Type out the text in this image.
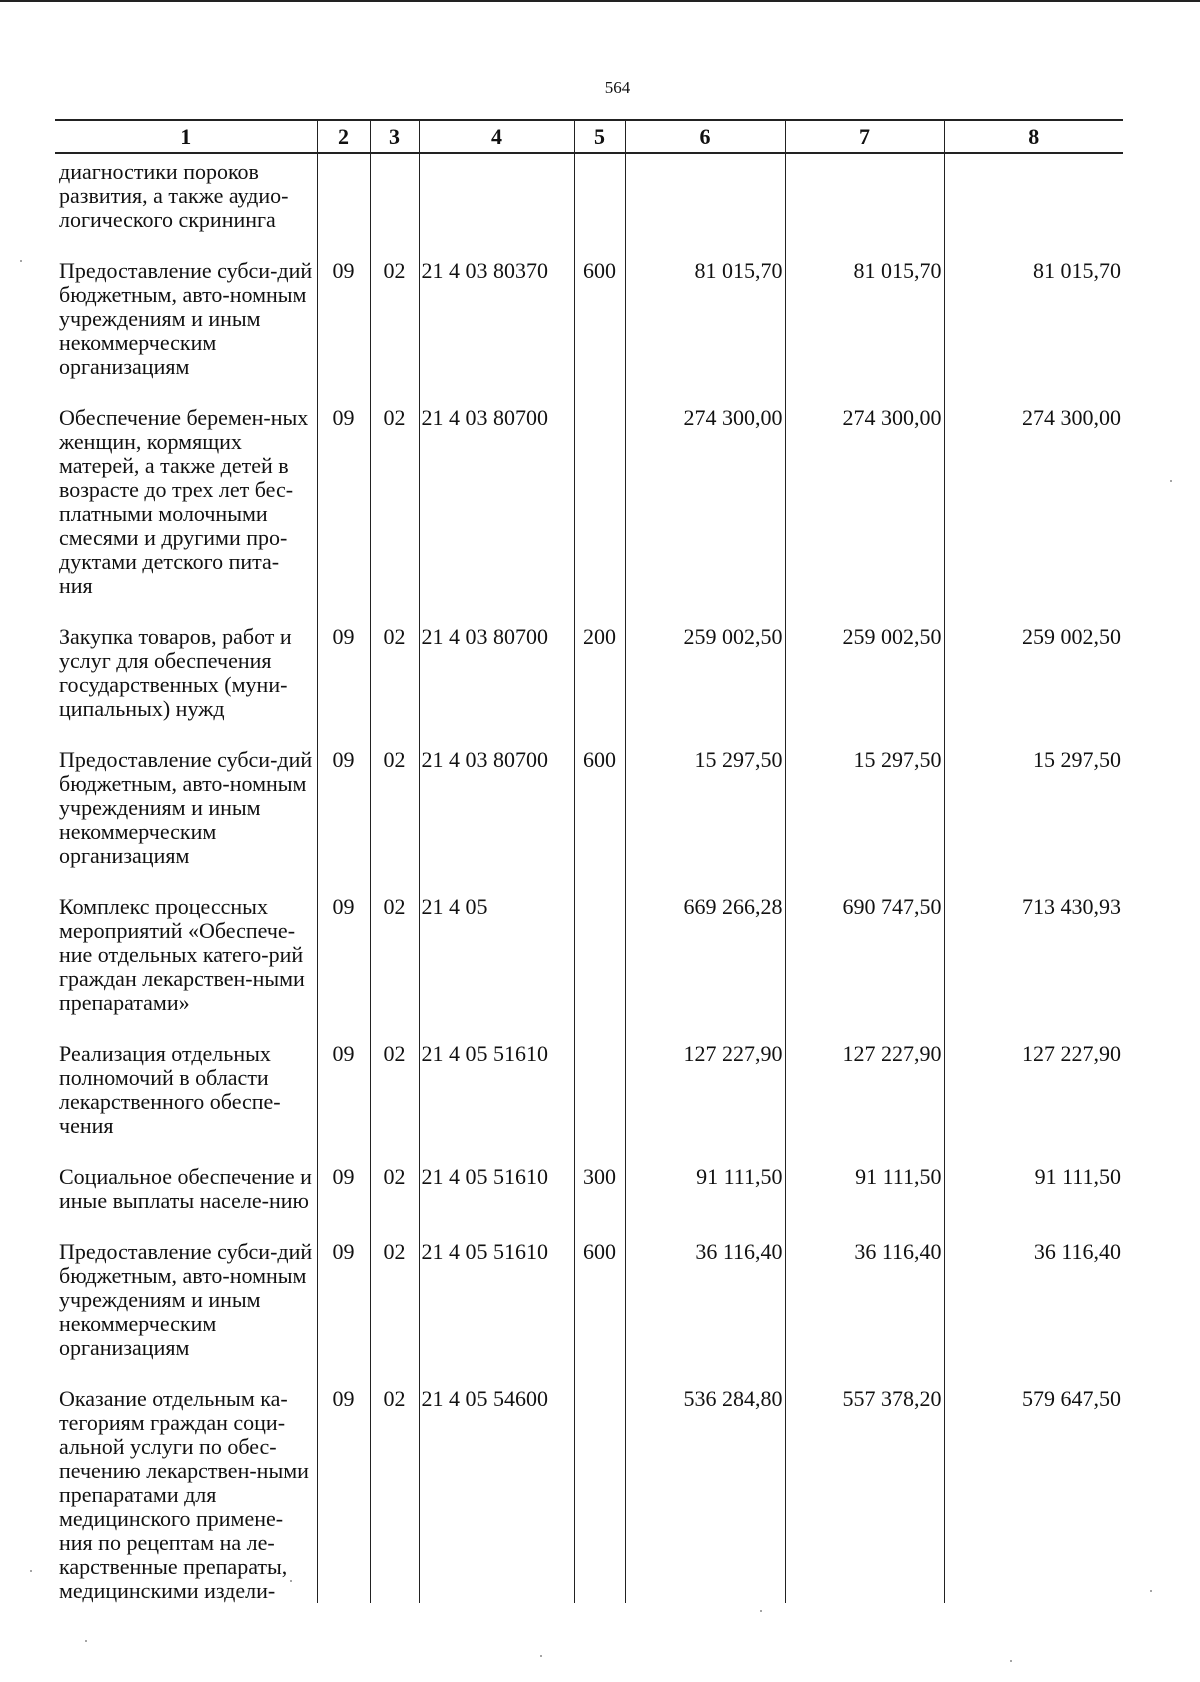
564
1	2	3	4	5	6	7	8
диагностики пороков развития, а также аудио-логического скрининга							
Предоставление субси-дий бюджетным, авто-номным учреждениям и иным некоммерческим организациям	09	02	21 4 03 80370	600	81 015,70	81 015,70	81 015,70
Обеспечение беремен-ных женщин, кормящих матерей, а также детей в возрасте до трех лет бес-платными молочными смесями и другими про-дуктами детского пита-ния	09	02	21 4 03 80700		274 300,00	274 300,00	274 300,00
Закупка товаров, работ и услуг для обеспечения государственных (муни-ципальных) нужд	09	02	21 4 03 80700	200	259 002,50	259 002,50	259 002,50
Предоставление субси-дий бюджетным, авто-номным учреждениям и иным некоммерческим организациям	09	02	21 4 03 80700	600	15 297,50	15 297,50	15 297,50
Комплекс процессных мероприятий «Обеспече-ние отдельных катего-рий граждан лекарствен-ными препаратами»	09	02	21 4 05		669 266,28	690 747,50	713 430,93
Реализация отдельных полномочий в области лекарственного обеспе-чения	09	02	21 4 05 51610		127 227,90	127 227,90	127 227,90
Социальное обеспечение и иные выплаты населе-нию	09	02	21 4 05 51610	300	91 111,50	91 111,50	91 111,50
Предоставление субси-дий бюджетным, авто-номным учреждениям и иным некоммерческим организациям	09	02	21 4 05 51610	600	36 116,40	36 116,40	36 116,40
Оказание отдельным ка-тегориям граждан соци-альной услуги по обес-печению лекарствен-ными препаратами для медицинского примене-ния по рецептам на ле-карственные препараты, медицинскими издели-	09	02	21 4 05 54600		536 284,80	557 378,20	579 647,50
